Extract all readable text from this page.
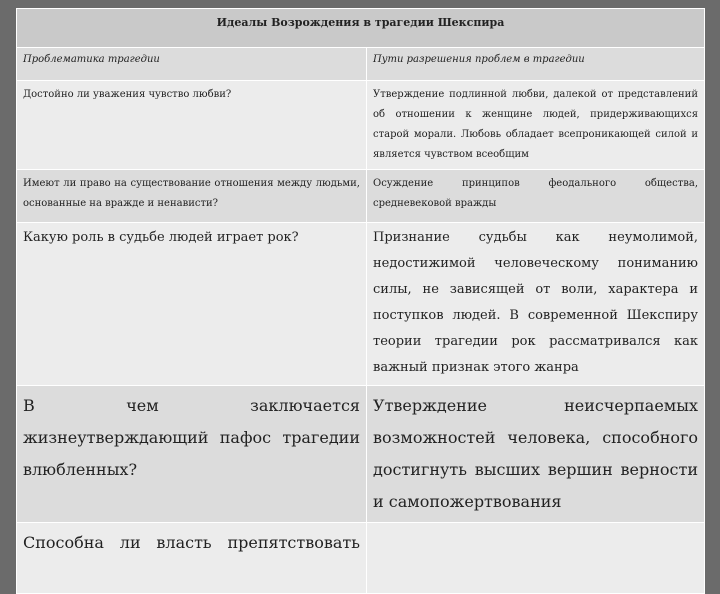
Идеалы Возрождения в трагедии Шекспира	
Проблематика трагедии	Пути разрешения проблем в трагедии
Достойно ли уважения чувство любви?	Утверждение подлинной любви, далекой от представлений об отношении к женщине людей, придерживающихся старой морали. Любовь обладает всепроникающей силой и является чувством всеобщим
Имеют ли право на существование отношения между людьми, основанные на вражде и ненависти?	Осуждение принципов феодального общества, средневековой вражды
Какую роль в судьбе людей играет рок?	Признание судьбы как неумолимой, недостижимой человеческому пониманию силы, не зависящей от воли, характера и поступков людей. В современной Шекспиру теории трагедии рок рассматривался как важный признак этого жанра
В чем заключается жизнеутверждающий пафос трагедии влюбленных?	Утверждение неисчерпаемых возможностей человека, способного достигнуть высших вершин верности и самопожертвования
Способна ли власть препятствовать	
